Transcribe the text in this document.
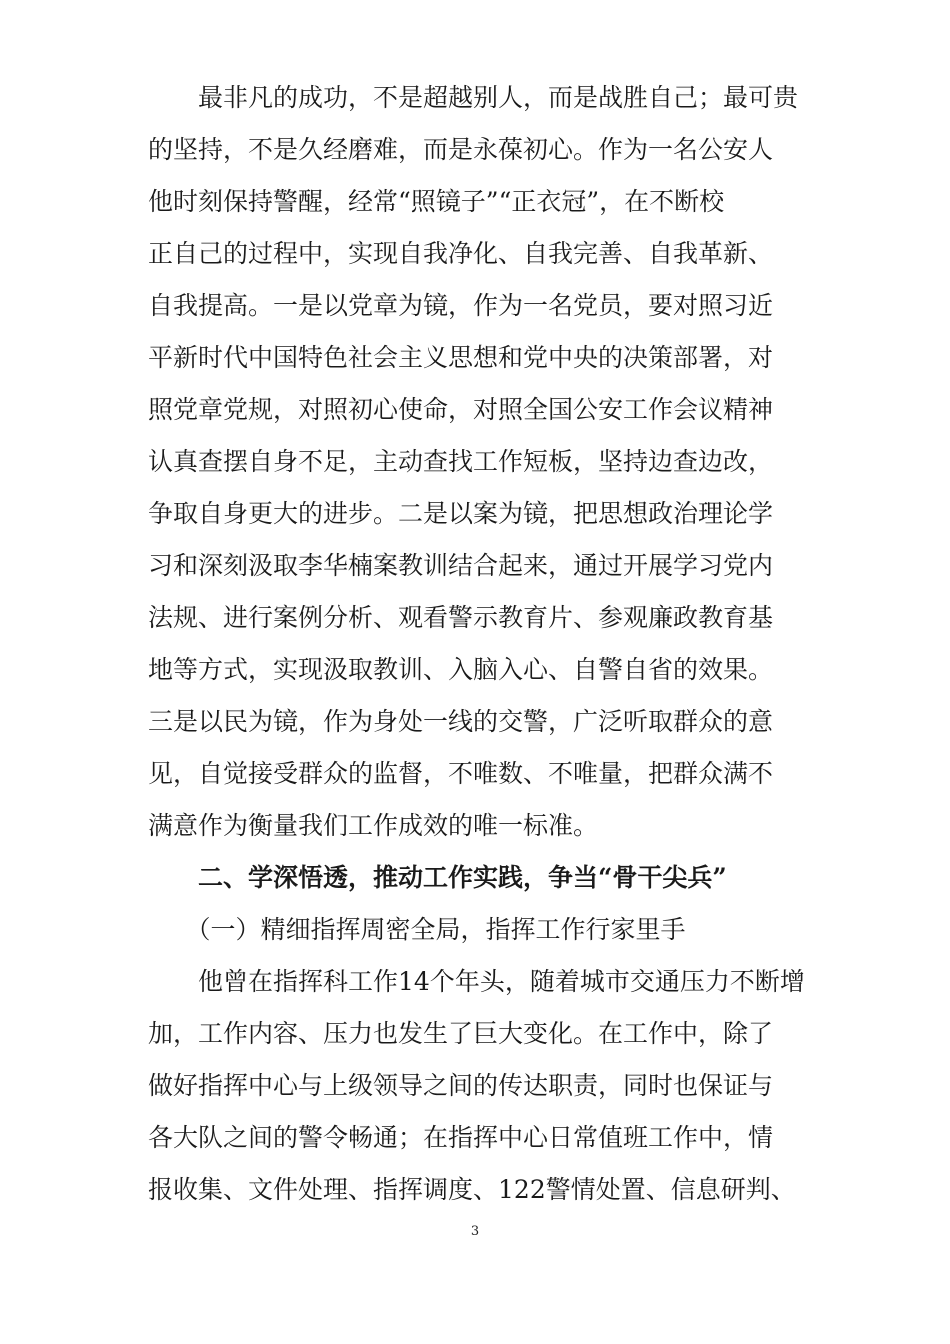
　　最非凡的成功，不是超越别人，而是战胜自己；最可贵
的坚持，不是久经磨难，而是永葆初心。作为一名公安人
他时刻保持警醒，经常“照镜子”“正衣冠”，在不断校
正自己的过程中，实现自我净化、自我完善、自我革新、
自我提高。一是以党章为镜，作为一名党员，要对照习近
平新时代中国特色社会主义思想和党中央的决策部署，对
照党章党规，对照初心使命，对照全国公安工作会议精神
认真查摆自身不足，主动查找工作短板，坚持边查边改，
争取自身更大的进步。二是以案为镜，把思想政治理论学
习和深刻汲取李华楠案教训结合起来，通过开展学习党内
法规、进行案例分析、观看警示教育片、参观廉政教育基
地等方式，实现汲取教训、入脑入心、自警自省的效果。
三是以民为镜，作为身处一线的交警，广泛听取群众的意
见，自觉接受群众的监督，不唯数、不唯量，把群众满不
满意作为衡量我们工作成效的唯一标准。
　　二、学深悟透，推动工作实践，争当“骨干尖兵”
　　（一）精细指挥周密全局，指挥工作行家里手
　　他曾在指挥科工作14个年头，随着城市交通压力不断增
加，工作内容、压力也发生了巨大变化。在工作中，除了
做好指挥中心与上级领导之间的传达职责，同时也保证与
各大队之间的警令畅通；在指挥中心日常值班工作中，情
报收集、文件处理、指挥调度、122警情处置、信息研判、
3
